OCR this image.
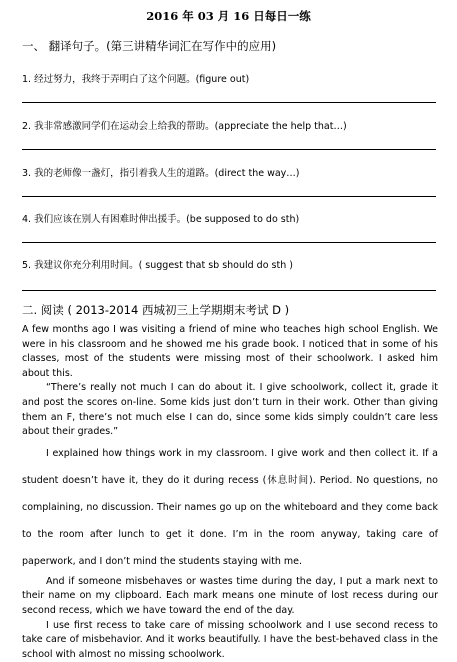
2016 年 03 月 16 日每日一练
一、 翻译句子。(第三讲精华词汇在写作中的应用)
1. 经过努力，我终于弄明白了这个问题。(figure out)
2. 我非常感激同学们在运动会上给我的帮助。(appreciate the help that…)
3. 我的老师像一盏灯，指引着我人生的道路。(direct the way…)
4. 我们应该在别人有困难时伸出援手。(be supposed to do sth)
5. 我建议你充分利用时间。( suggest that sb should do sth )
二. 阅读 ( 2013-2014 西城初三上学期期末考试 D )

A few months ago I was visiting a friend of mine who teaches high school English. We were in his classroom and he showed me his grade book. I noticed that in some of his classes, most of the students were missing most of their schoolwork. I asked him about this.

“There’s really not much I can do about it. I give schoolwork, collect it, grade it and post the scores on-line. Some kids just don’t turn in their work. Other than giving them an F, there’s not much else I can do, since some kids simply couldn’t care less about their grades.”

I explained how things work in my classroom. I give work and then collect it. If a student doesn’t have it, they do it during recess (休息时间). Period. No questions, no complaining, no discussion. Their names go up on the whiteboard and they come back to the room after lunch to get it done. I’m in the room anyway, taking care of paperwork, and I don’t mind the students staying with me.

And if someone misbehaves or wastes time during the day, I put a mark next to their name on my clipboard. Each mark means one minute of lost recess during our second recess, which we have toward the end of the day.

I use first recess to take care of missing schoolwork and I use second recess to take care of misbehavior. And it works beautifully. I have the best-behaved class in the school with almost no missing schoolwork.
